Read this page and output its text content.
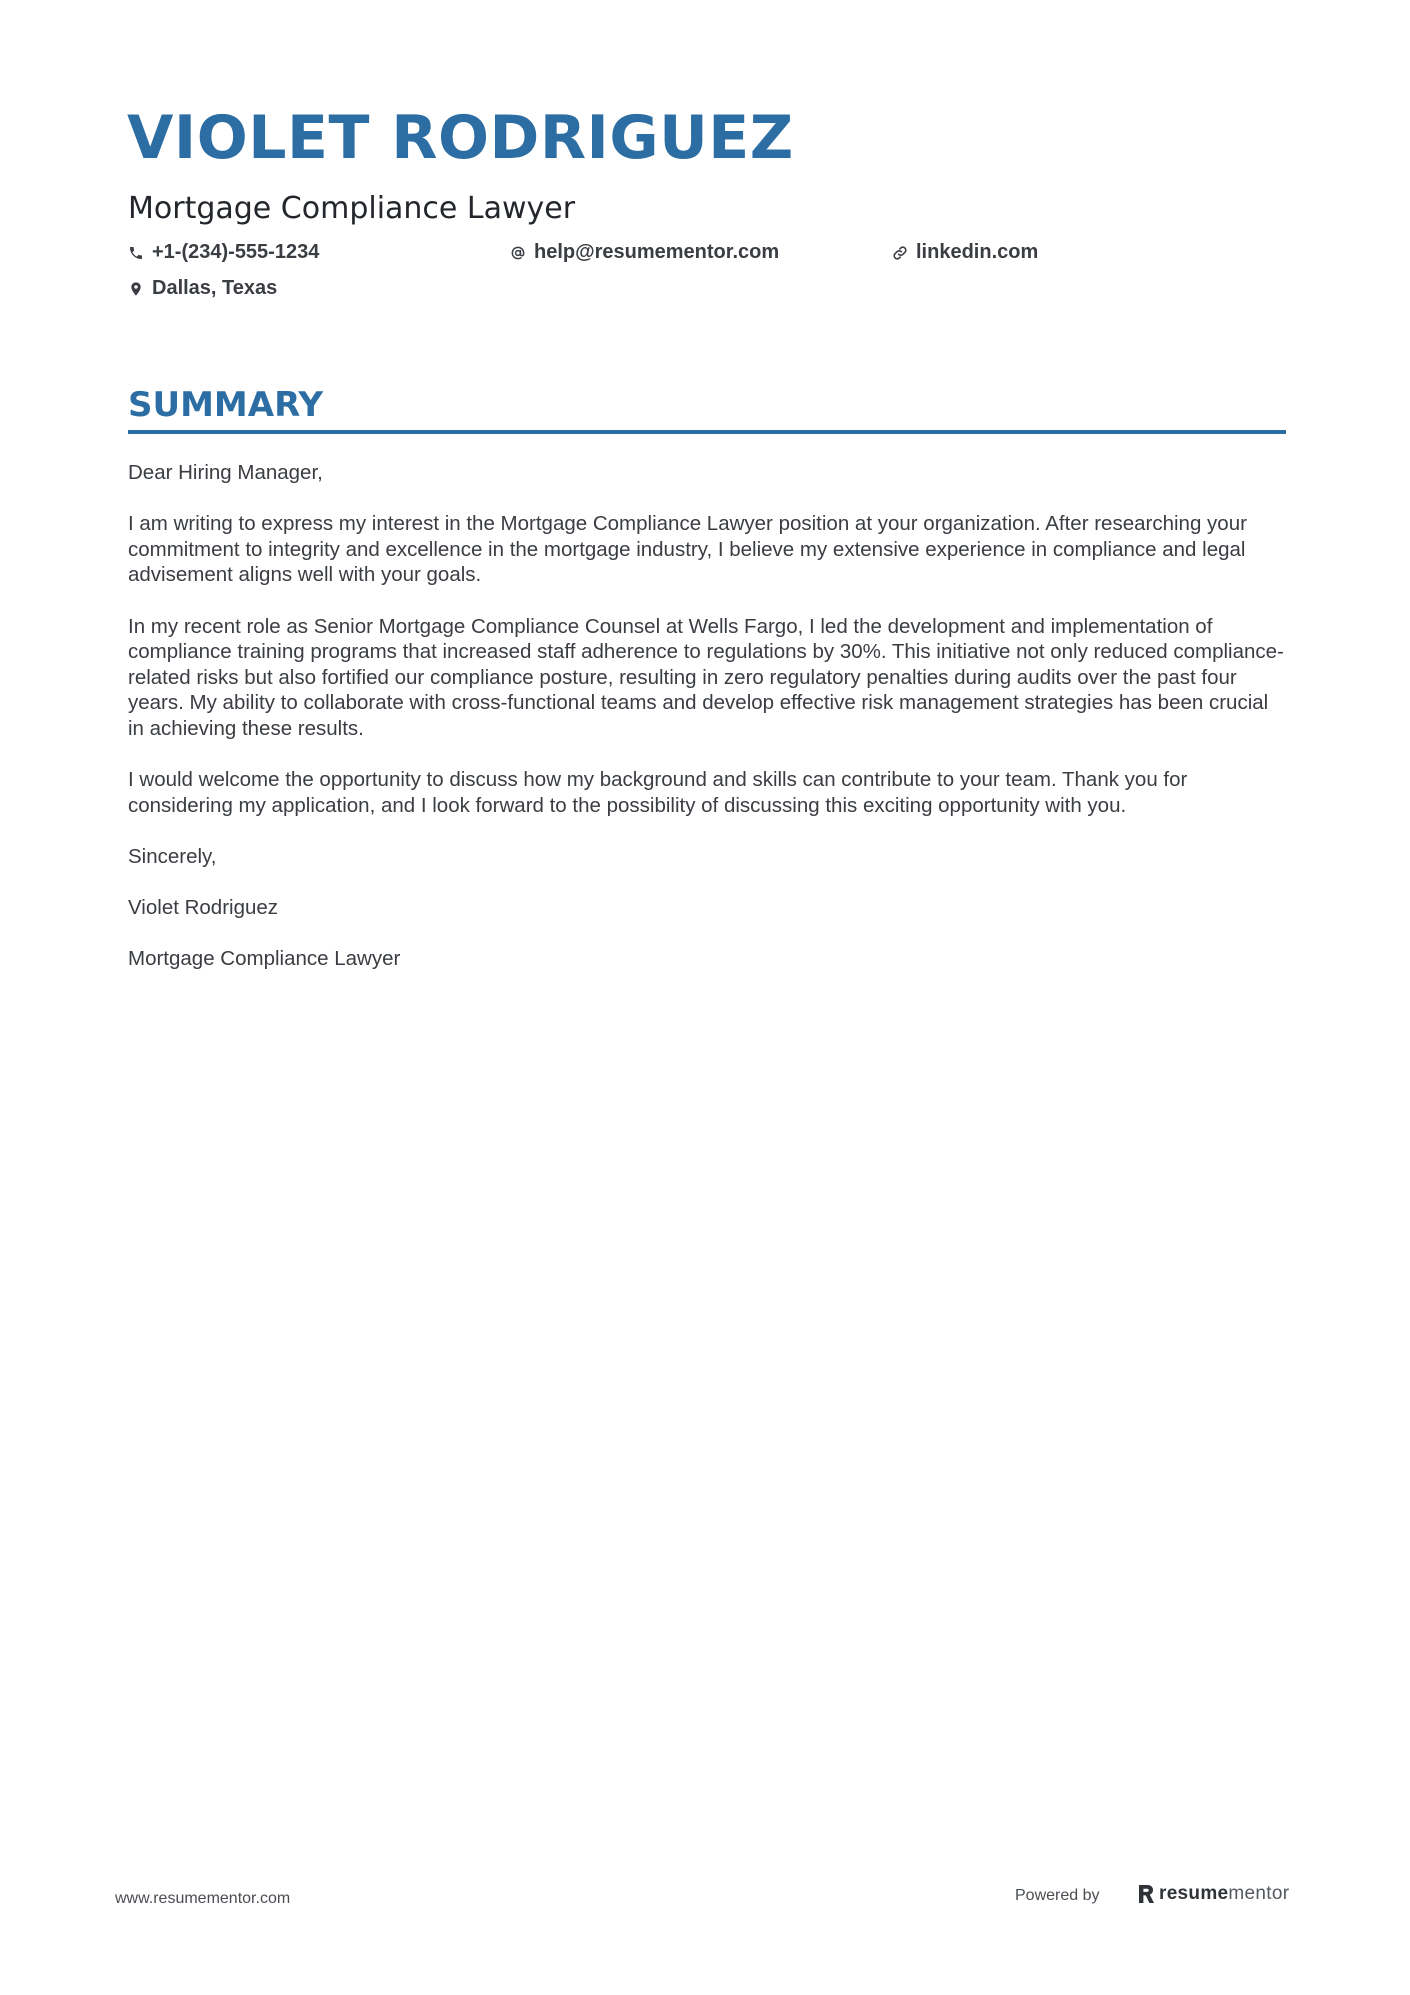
VIOLET RODRIGUEZ
Mortgage Compliance Lawyer
+1-(234)-555-1234	help@resumementor.com	linkedin.com
Dallas, Texas
SUMMARY

Dear Hiring Manager,

I am writing to express my interest in the Mortgage Compliance Lawyer position at your organization. After researching your commitment to integrity and excellence in the mortgage industry, I believe my extensive experience in compliance and legal advisement aligns well with your goals.

In my recent role as Senior Mortgage Compliance Counsel at Wells Fargo, I led the development and implementation of compliance training programs that increased staff adherence to regulations by 30%. This initiative not only reduced compliance-related risks but also fortified our compliance posture, resulting in zero regulatory penalties during audits over the past four years. My ability to collaborate with cross-functional teams and develop effective risk management strategies has been crucial in achieving these results.

I would welcome the opportunity to discuss how my background and skills can contribute to your team. Thank you for considering my application, and I look forward to the possibility of discussing this exciting opportunity with you.

Sincerely,

Violet Rodriguez

Mortgage Compliance Lawyer

www.resumementor.com	Powered by	resume mentor
